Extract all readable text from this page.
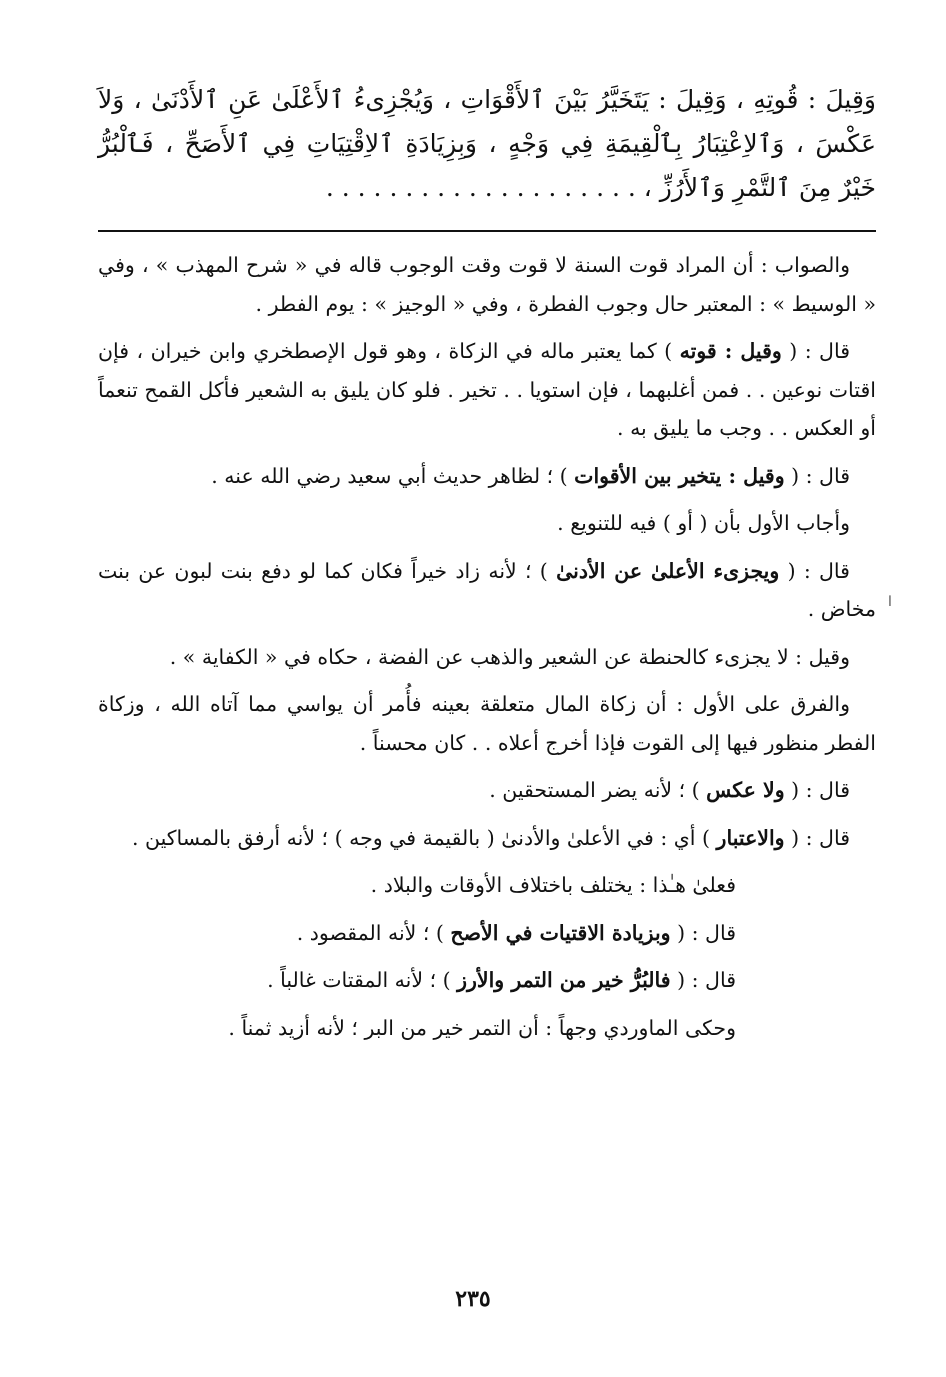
وَقِيلَ : قُوتِهِ ، وَقِيلَ : يَتَخَيَّرُ بَيْنَ ٱلأَقْوَاتِ ، وَيُجْزِىءُ ٱلأَعْلَىٰ عَنِ ٱلأَدْنَىٰ ، وَلاَ عَكْسَ ، وَٱلاِعْتِبَارُ بِٱلْقِيمَةِ فِي وَجْهٍ ، وَبِزِيَادَةِ ٱلاِقْتِيَاتِ فِي ٱلأَصَحِّ ، فَٱلْبُرُّ خَيْرٌ مِنَ ٱلتَّمْرِ وَٱلأَرُزِّ ، . . . . . . . . . . . . . . . . . . . .

والصواب : أن المراد قوت السنة لا قوت وقت الوجوب قاله في « شرح المهذب » ، وفي « الوسيط » : المعتبر حال وجوب الفطرة ، وفي « الوجيز » : يوم الفطر .

قال : ( وقيل : قوته ) كما يعتبر ماله في الزكاة ، وهو قول الإصطخري وابن خيران ، فإن اقتات نوعين . . فمن أغلبهما ، فإن استويا . . تخير . فلو كان يليق به الشعير فأكل القمح تنعماً أو العكس . . وجب ما يليق به .

قال : ( وقيل : يتخير بين الأقوات ) ؛ لظاهر حديث أبي سعيد رضي الله عنه .

وأجاب الأول بأن ( أو ) فيه للتنويع .

قال : ( ويجزىء الأعلىٰ عن الأدنىٰ ) ؛ لأنه زاد خيراً فكان كما لو دفع بنت لبون عن بنت مخاض .

وقيل : لا يجزىء كالحنطة عن الشعير والذهب عن الفضة ، حكاه في « الكفاية » .

والفرق على الأول : أن زكاة المال متعلقة بعينه فأُمر أن يواسي مما آتاه الله ، وزكاة الفطر منظور فيها إلى القوت فإذا أخرج أعلاه . . كان محسناً .

قال : ( ولا عكس ) ؛ لأنه يضر المستحقين .

قال : ( والاعتبار ) أي : في الأعلىٰ والأدنىٰ ( بالقيمة في وجه ) ؛ لأنه أرفق بالمساكين .

فعلىٰ هـٰذا : يختلف باختلاف الأوقات والبلاد .

قال : ( وبزيادة الاقتيات في الأصح ) ؛ لأنه المقصود .

قال : ( فالبُرُّ خير من التمر والأرز ) ؛ لأنه المقتات غالباً .

وحكى الماوردي وجهاً : أن التمر خير من البر ؛ لأنه أزيد ثمناً .

ا
٢٣٥
